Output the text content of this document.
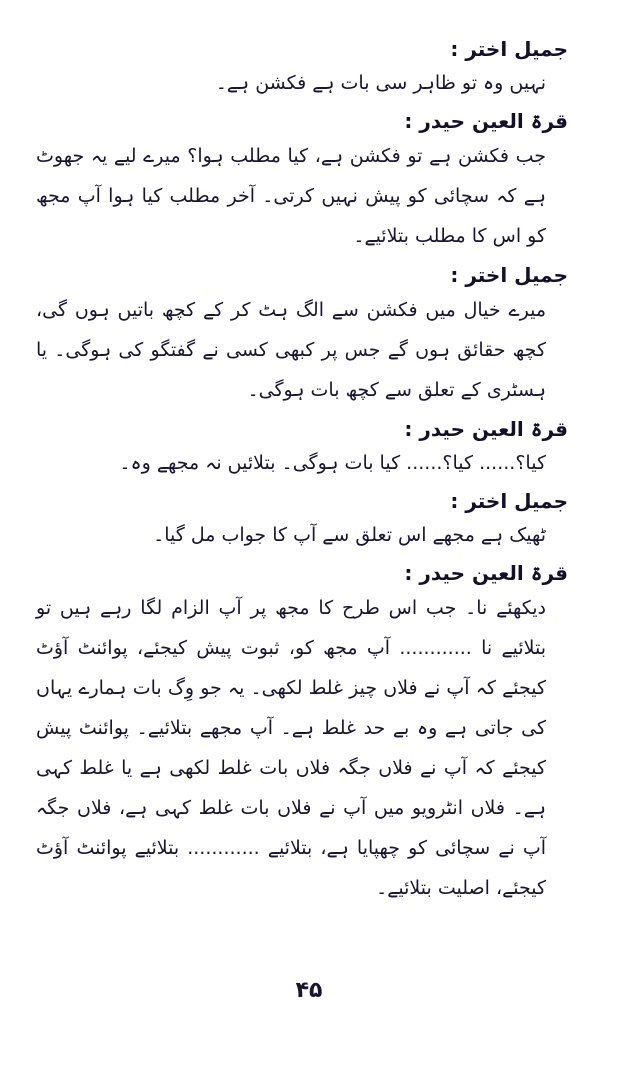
جمیل اختر :

نہیں وہ تو ظاہر سی بات ہے فکشن ہے۔

قرۃ العین حیدر :

جب فکشن ہے تو فکشن ہے، کیا مطلب ہوا؟ میرے لیے یہ جھوٹ ہے کہ سچائی کو پیش نہیں کرتی۔ آخر مطلب کیا ہوا آپ مجھ کو اس کا مطلب بتلائیے۔

جمیل اختر :

میرے خیال میں فکشن سے الگ ہٹ کر کے کچھ باتیں ہوں گی، کچھ حقائق ہوں گے جس پر کبھی کسی نے گفتگو کی ہوگی۔ یا ہسٹری کے تعلق سے کچھ بات ہوگی۔

قرۃ العین حیدر :

کیا؟...... کیا؟...... کیا بات ہوگی۔ بتلائیں نہ مجھے وہ۔

جمیل اختر :

ٹھیک ہے مجھے اس تعلق سے آپ کا جواب مل گیا۔

قرۃ العین حیدر :

دیکھئے نا۔ جب اس طرح کا مجھ پر آپ الزام لگا رہے ہیں تو بتلائیے نا ............ آپ مجھ کو، ثبوت پیش کیجئے، پوائنٹ آؤٹ کیجئے کہ آپ نے فلاں چیز غلط لکھی۔ یہ جو وِگ بات ہمارے یہاں کی جاتی ہے وہ بے حد غلط ہے۔ آپ مجھے بتلائیے۔ پوائنٹ پیش کیجئے کہ آپ نے فلاں جگہ فلاں بات غلط لکھی ہے یا غلط کہی ہے۔ فلاں انٹرویو میں آپ نے فلاں بات غلط کہی ہے، فلاں جگہ آپ نے سچائی کو چھپایا ہے، بتلائیے ............ بتلائیے پوائنٹ آؤٹ کیجئے، اصلیت بتلائیے۔

۴۵
